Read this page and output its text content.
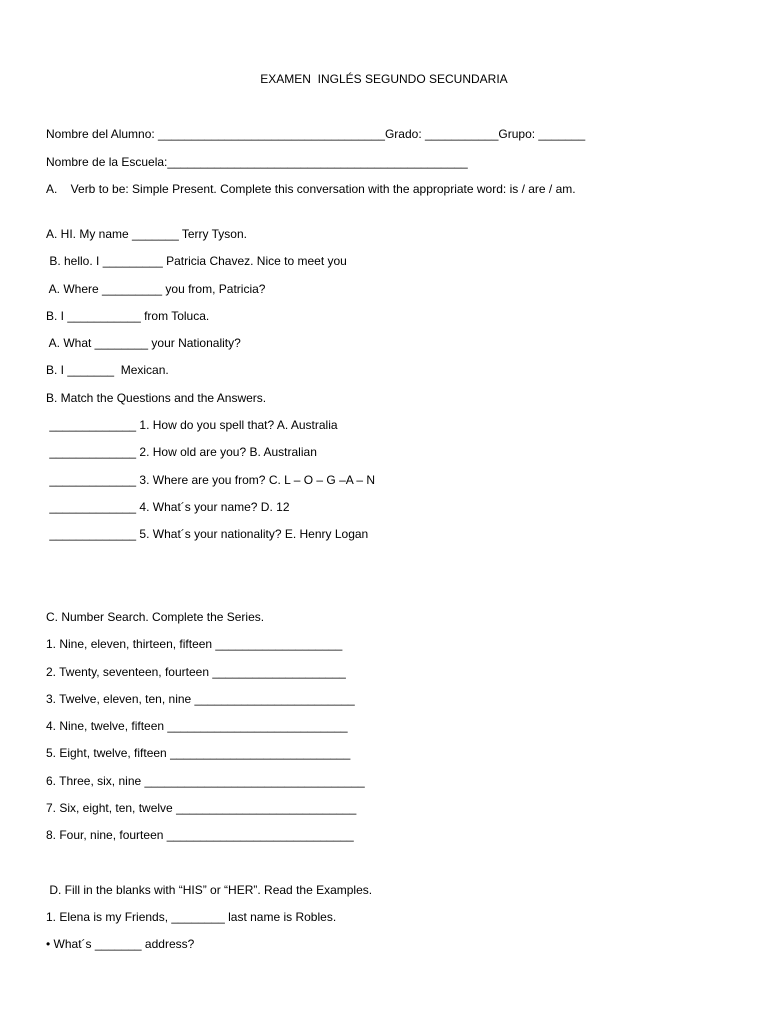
EXAMEN  INGLÉS SEGUNDO SECUNDARIA
Nombre del Alumno: __________________________________Grado: ___________Grupo: _______
Nombre de la Escuela:_____________________________________________
A.    Verb to be: Simple Present. Complete this conversation with the appropriate word: is / are / am.
A. HI. My name _______ Terry Tyson.
B. hello. I _________ Patricia Chavez. Nice to meet you
A. Where _________ you from, Patricia?
B. I ___________ from Toluca.
A. What ________ your Nationality?
B. I _______  Mexican.
B. Match the Questions and the Answers.
_____________ 1. How do you spell that? A. Australia
_____________ 2. How old are you? B. Australian
_____________ 3. Where are you from? C. L – O – G –A – N
_____________ 4. What´s your name? D. 12
_____________ 5. What´s your nationality? E. Henry Logan
C. Number Search. Complete the Series.
1. Nine, eleven, thirteen, fifteen ___________________
2. Twenty, seventeen, fourteen ____________________
3. Twelve, eleven, ten, nine ________________________
4. Nine, twelve, fifteen ___________________________
5. Eight, twelve, fifteen ___________________________
6. Three, six, nine _________________________________
7. Six, eight, ten, twelve ___________________________
8. Four, nine, fourteen ____________________________
D. Fill in the blanks with “HIS” or “HER”. Read the Examples.
1. Elena is my Friends, ________ last name is Robles.
• What´s _______ address?
